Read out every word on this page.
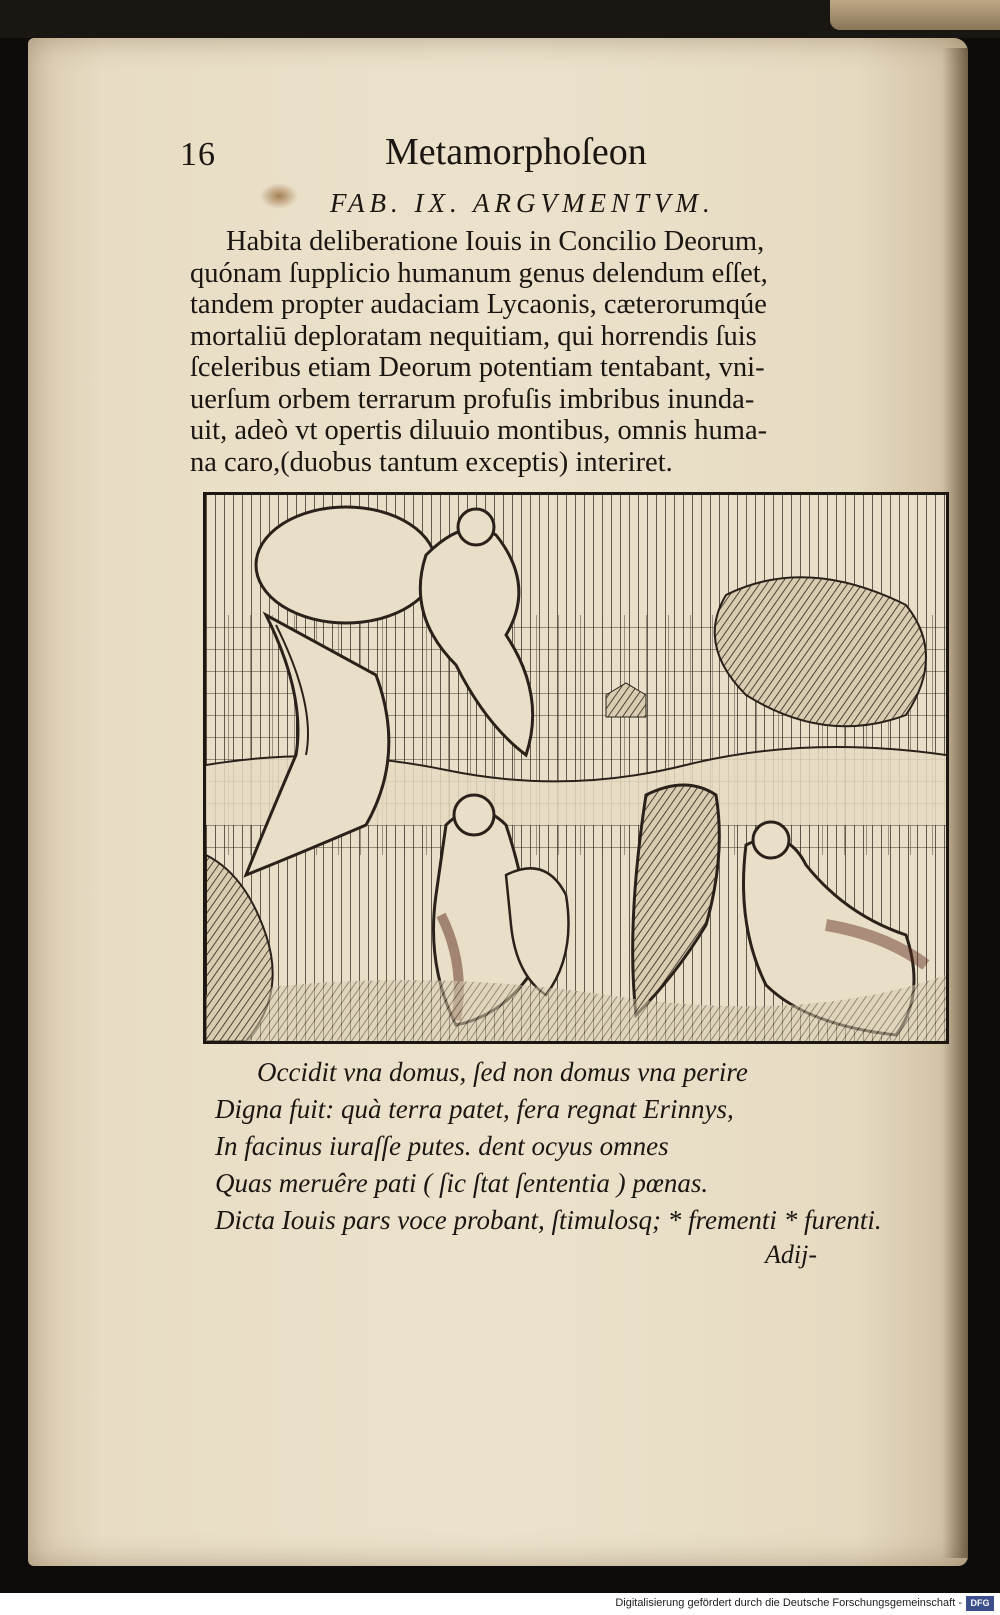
16	Metamorphoſeon
FAB. IX. ARGVMENTVM.

Habita deliberatione Iouis in Concilio Deorum,

quónam ſupplicio humanum genus delendum eſſet,

tandem propter audaciam Lycaonis, cæterorumqúe

mortaliū deploratam nequitiam, qui horrendis ſuis

ſceleribus etiam Deorum potentiam tentabant, vni-

uerſum orbem terrarum profuſis imbribus inunda-

uit, adeò vt opertis diluuio montibus, omnis huma-

na caro,(duobus tantum exceptis) interiret.

Occidit vna domus, ſed non domus vna perire

Digna fuit: quà terra patet, fera regnat Erinnys,

In facinus iuraſſe putes. dent ocyus omnes

Quas meruêre pati ( ſic ſtat ſententia ) pœnas.

Dicta Iouis pars voce probant, ſtimulosq; * frementi * furenti.

Adij-
Digitalisierung gefördert durch die Deutsche Forschungsgemeinschaft - DFG
